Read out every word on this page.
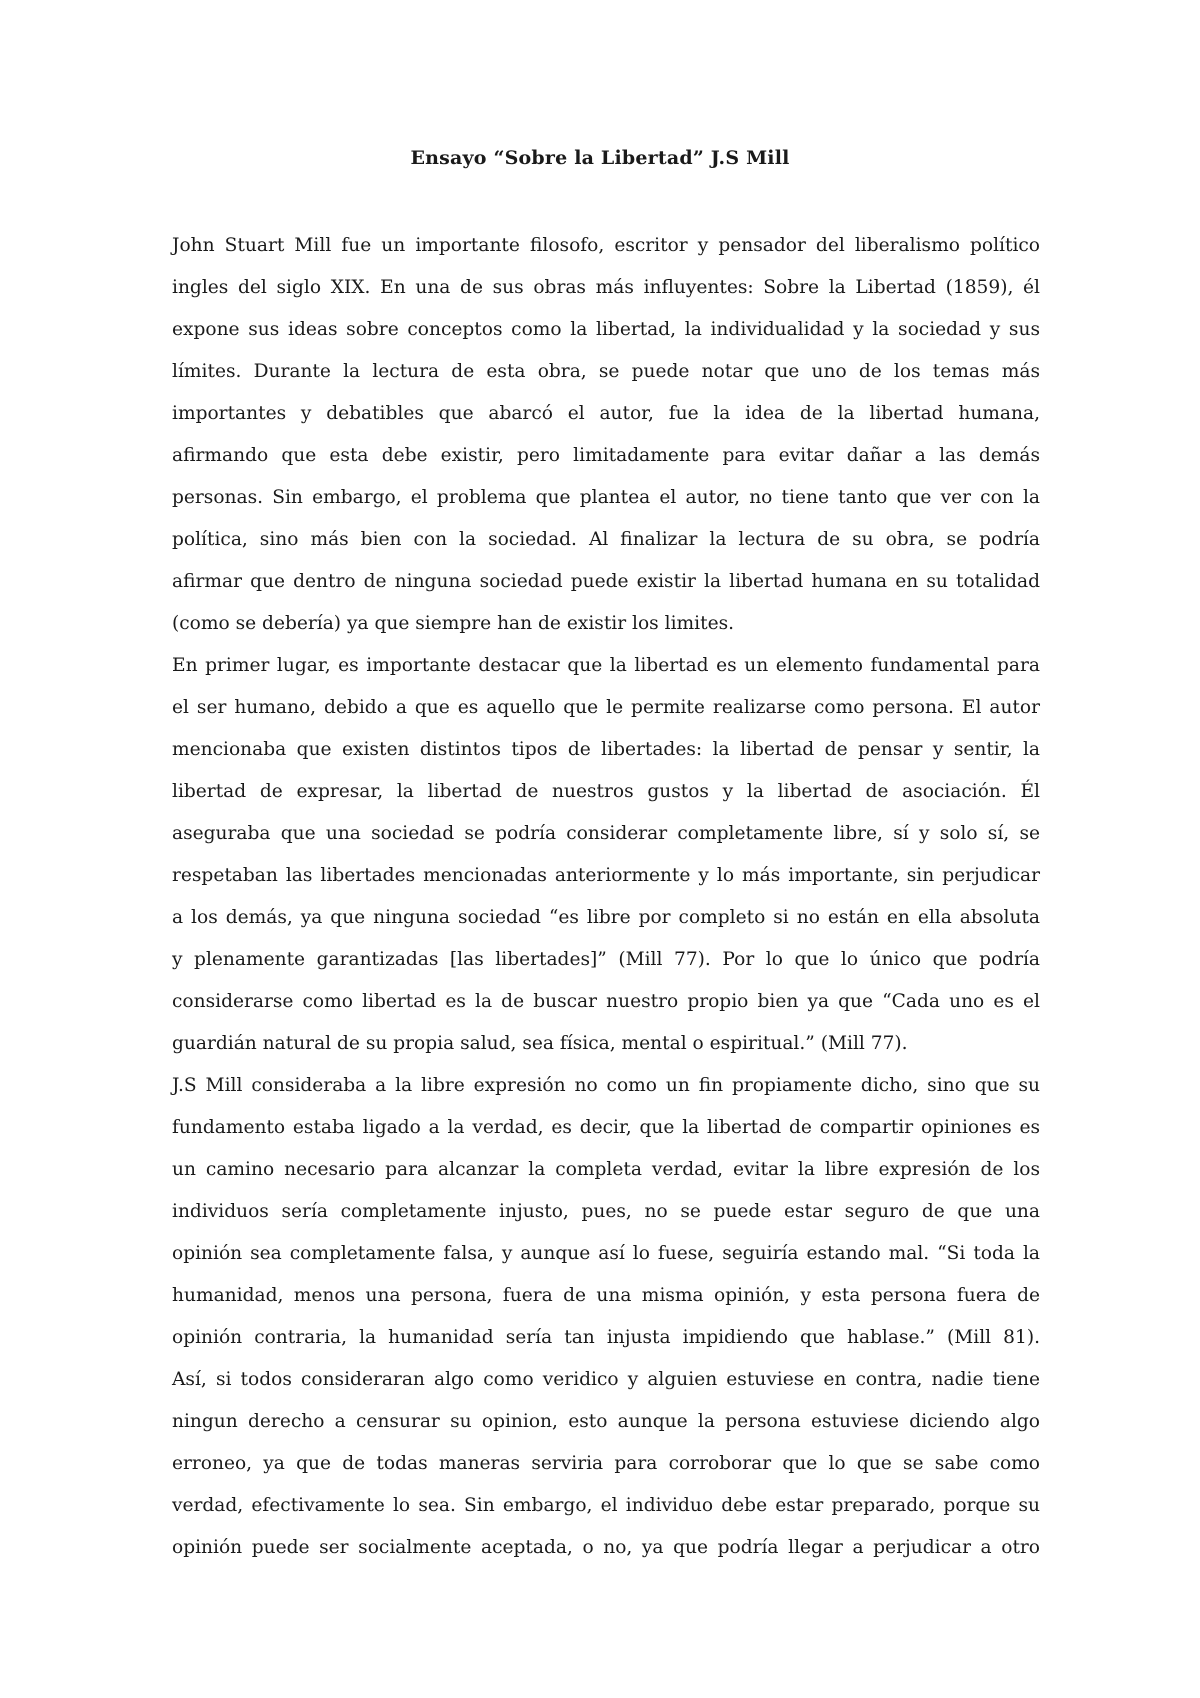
Ensayo “Sobre la Libertad” J.S Mill
John Stuart Mill fue un importante filosofo, escritor y pensador del liberalismo político
ingles del siglo XIX. En una de sus obras más influyentes: Sobre la Libertad (1859), él
expone sus ideas sobre conceptos como la libertad, la individualidad y la sociedad y sus
límites. Durante la lectura de esta obra, se puede notar que uno de los temas más
importantes y debatibles que abarcó el autor, fue la idea de la libertad humana,
afirmando que esta debe existir, pero limitadamente para evitar dañar a las demás
personas. Sin embargo, el problema que plantea el autor, no tiene tanto que ver con la
política, sino más bien con la sociedad. Al finalizar la lectura de su obra, se podría
afirmar que dentro de ninguna sociedad puede existir la libertad humana en su totalidad
(como se debería) ya que siempre han de existir los limites.
En primer lugar, es importante destacar que la libertad es un elemento fundamental para
el ser humano, debido a que es aquello que le permite realizarse como persona. El autor
mencionaba que existen distintos tipos de libertades: la libertad de pensar y sentir, la
libertad de expresar, la libertad de nuestros gustos y la libertad de asociación. Él
aseguraba que una sociedad se podría considerar completamente libre, sí y solo sí, se
respetaban las libertades mencionadas anteriormente y lo más importante, sin perjudicar
a los demás, ya que ninguna sociedad “es libre por completo si no están en ella absoluta
y plenamente garantizadas [las libertades]” (Mill 77). Por lo que lo único que podría
considerarse como libertad es la de buscar nuestro propio bien ya que “Cada uno es el
guardián natural de su propia salud, sea física, mental o espiritual.” (Mill 77).
J.S Mill consideraba a la libre expresión no como un fin propiamente dicho, sino que su
fundamento estaba ligado a la verdad, es decir, que la libertad de compartir opiniones es
un camino necesario para alcanzar la completa verdad, evitar la libre expresión de los
individuos sería completamente injusto, pues, no se puede estar seguro de que una
opinión sea completamente falsa, y aunque así lo fuese, seguiría estando mal. “Si toda la
humanidad, menos una persona, fuera de una misma opinión, y esta persona fuera de
opinión contraria, la humanidad sería tan injusta impidiendo que hablase.” (Mill 81).
Así, si todos consideraran algo como veridico y alguien estuviese en contra, nadie tiene
ningun derecho a censurar su opinion, esto aunque la persona estuviese diciendo algo
erroneo, ya que de todas maneras serviria para corroborar que lo que se sabe como
verdad, efectivamente lo sea. Sin embargo, el individuo debe estar preparado, porque su
opinión puede ser socialmente aceptada, o no, ya que podría llegar a perjudicar a otro
